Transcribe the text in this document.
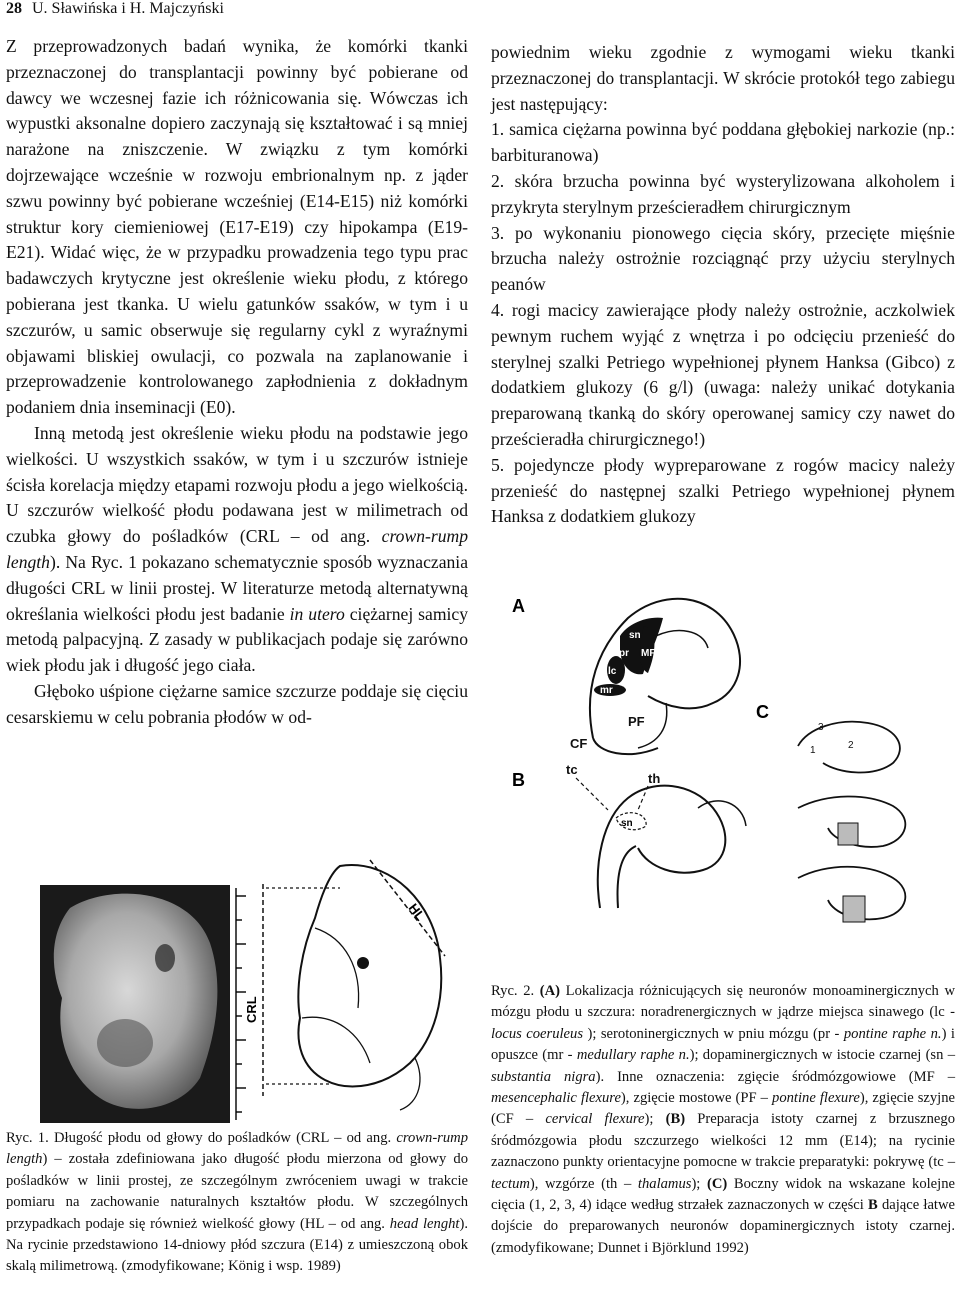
28 U. Sławińska i H. Majczyński

Z przeprowadzonych badań wynika, że komórki tkanki przeznaczonej do transplantacji powinny być pobierane od dawcy we wczesnej fazie ich różnicowania się. Wówczas ich wypustki aksonalne dopiero zaczynają się kształtować i są mniej narażone na zniszczenie. W związku z tym komórki dojrzewające wcześnie w rozwoju embrionalnym np. z jąder szwu powinny być pobierane wcześniej (E14-E15) niż komórki struktur kory ciemieniowej (E17-E19) czy hipokampa (E19-E21). Widać więc, że w przypadku prowadzenia tego typu prac badawczych krytyczne jest określenie wieku płodu, z którego pobierana jest tkanka. U wielu gatunków ssaków, w tym i u szczurów, u samic obserwuje się regularny cykl z wyraźnymi objawami bliskiej owulacji, co pozwala na zaplanowanie i przeprowadzenie kontrolowanego zapłodnienia z dokładnym podaniem dnia inseminacji (E0).

Inną metodą jest określenie wieku płodu na podstawie jego wielkości. U wszystkich ssaków, w tym i u szczurów istnieje ścisła korelacja między etapami rozwoju płodu a jego wielkością. U szczurów wielkość płodu podawana jest w milimetrach od czubka głowy do pośladków (CRL – od ang. crown-rump length). Na Ryc. 1 pokazano schematycznie sposób wyznaczania długości CRL w linii prostej. W literaturze metodą alternatywną określania wielkości płodu jest badanie in utero ciężarnej samicy metodą palpacyjną. Z zasady w publikacjach podaje się zarówno wiek płodu jak i długość jego ciała.

Głęboko uśpione ciężarne samice szczurze poddaje się cięciu cesarskiemu w celu pobrania płodów w od-

powiednim wieku zgodnie z wymogami wieku tkanki przeznaczonej do transplantacji. W skrócie protokół tego zabiegu jest następujący:

1. samica ciężarna powinna być poddana głębokiej narkozie (np.: barbituranowa)

2. skóra brzucha powinna być wysterylizowana alkoholem i przykryta sterylnym prześcieradłem chirurgicznym

3. po wykonaniu pionowego cięcia skóry, przecięte mięśnie brzucha należy ostrożnie rozciągnąć przy użyciu sterylnych peanów

4. rogi macicy zawierające płody należy ostrożnie, aczkolwiek pewnym ruchem wyjąć z wnętrza i po odcięciu przenieść do sterylnej szalki Petriego wypełnionej płynem Hanksa (Gibco) z dodatkiem glukozy (6 g/l) (uwaga: należy unikać dotykania preparowaną tkanką do skóry operowanej samicy czy nawet do prześcieradła chirurgicznego!)

5. pojedyncze płody wypreparowane z rogów macicy należy przenieść do następnej szalki Petriego wypełnionej płynem Hanksa z dodatkiem glukozy

HL
CRL
A
B
C
sn
pr MF
lc
mr
PF
CF
tc
th
sn
1	2
3
Ryc. 1. Długość płodu od głowy do pośladków (CRL – od ang. crown-rump length) – została zdefiniowana jako długość płodu mierzona od głowy do pośladków w linii prostej, ze szczególnym zwróceniem uwagi w trakcie pomiaru na zachowanie naturalnych kształtów płodu. W szczególnych przypadkach podaje się również wielkość głowy (HL – od ang. head lenght). Na rycinie przedstawiono 14-dniowy płód szczura (E14) z umieszczoną obok skalą milimetrową. (zmodyfikowane; König i wsp. 1989)
Ryc. 2. (A) Lokalizacja różnicujących się neuronów monoaminergicznych w mózgu płodu u szczura: noradrenergicznych w jądrze miejsca sinawego (lc - locus coeruleus ); serotoninergicznych w pniu mózgu (pr - pontine raphe n.) i opuszce (mr - medullary raphe n.); dopaminergicznych w istocie czarnej (sn – substantia nigra). Inne oznaczenia: zgięcie śródmózgowiowe (MF – mesencephalic flexure), zgięcie mostowe (PF – pontine flexure), zgięcie szyjne (CF – cervical flexure); (B) Preparacja istoty czarnej z brzusznego śródmózgowia płodu szczurzego wielkości 12 mm (E14); na rycinie zaznaczono punkty orientacyjne pomocne w trakcie preparatyki: pokrywę (tc – tectum), wzgórze (th – thalamus); (C) Boczny widok na wskazane kolejne cięcia (1, 2, 3, 4) idące według strzałek zaznaczonych w części B dające łatwe dojście do preparowanych neuronów dopaminergicznych istoty czarnej. (zmodyfikowane; Dunnet i Björklund 1992)
